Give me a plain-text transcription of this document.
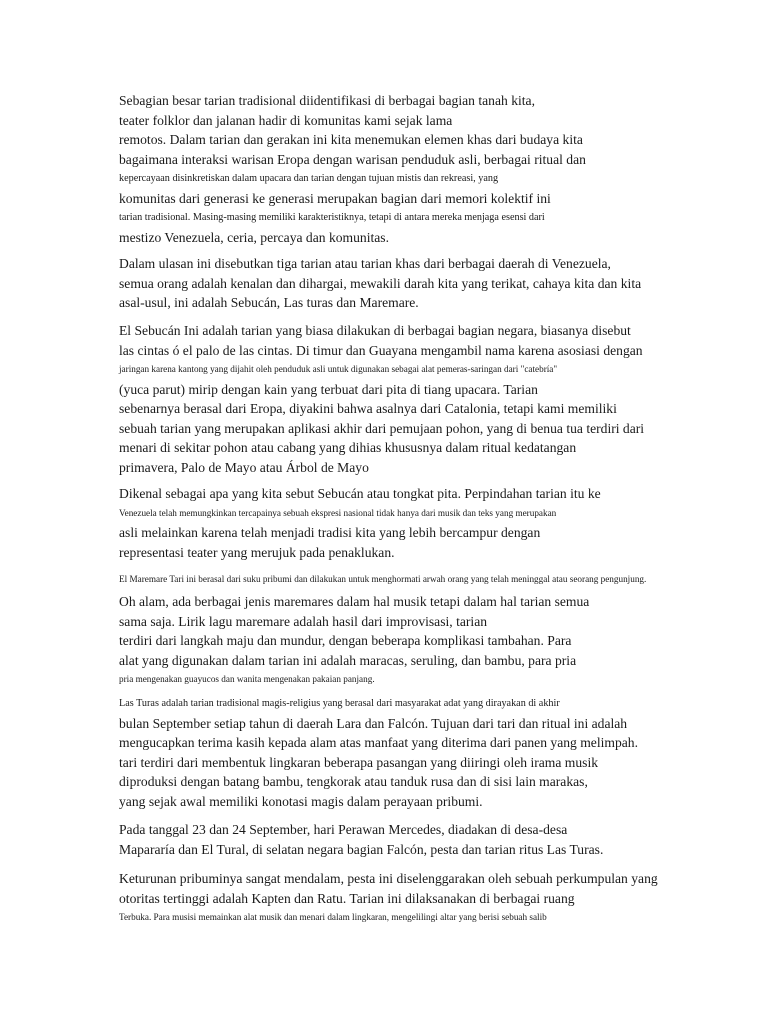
Sebagian besar tarian tradisional diidentifikasi di berbagai bagian tanah kita,
teater folklor dan jalanan hadir di komunitas kami sejak lama
remotos. Dalam tarian dan gerakan ini kita menemukan elemen khas dari budaya kita
bagaimana interaksi warisan Eropa dengan warisan penduduk asli, berbagai ritual dan
kepercayaan disinkretiskan dalam upacara dan tarian dengan tujuan mistis dan rekreasi, yang
komunitas dari generasi ke generasi merupakan bagian dari memori kolektif ini
tarian tradisional. Masing-masing memiliki karakteristiknya, tetapi di antara mereka menjaga esensi dari
mestizo Venezuela, ceria, percaya dan komunitas.
Dalam ulasan ini disebutkan tiga tarian atau tarian khas dari berbagai daerah di Venezuela,
semua orang adalah kenalan dan dihargai, mewakili darah kita yang terikat, cahaya kita dan kita
asal-usul, ini adalah Sebucán, Las turas dan Maremare.
El Sebucán Ini adalah tarian yang biasa dilakukan di berbagai bagian negara, biasanya disebut
las cintas ó el palo de las cintas. Di timur dan Guayana mengambil nama karena asosiasi dengan
jaringan karena kantong yang dijahit oleh penduduk asli untuk digunakan sebagai alat pemeras-saringan dari "catebría"
(yuca parut) mirip dengan kain yang terbuat dari pita di tiang upacara. Tarian
sebenarnya berasal dari Eropa, diyakini bahwa asalnya dari Catalonia, tetapi kami memiliki
sebuah tarian yang merupakan aplikasi akhir dari pemujaan pohon, yang di benua tua terdiri dari
menari di sekitar pohon atau cabang yang dihias khususnya dalam ritual kedatangan
primavera, Palo de Mayo atau Árbol de Mayo
Dikenal sebagai apa yang kita sebut Sebucán atau tongkat pita. Perpindahan tarian itu ke
Venezuela telah memungkinkan tercapainya sebuah ekspresi nasional tidak hanya dari musik dan teks yang merupakan
asli melainkan karena telah menjadi tradisi kita yang lebih bercampur dengan
representasi teater yang merujuk pada penaklukan.
El Maremare Tari ini berasal dari suku pribumi dan dilakukan untuk menghormati arwah orang yang telah meninggal atau seorang pengunjung.
Oh alam, ada berbagai jenis maremares dalam hal musik tetapi dalam hal tarian semua
sama saja. Lirik lagu maremare adalah hasil dari improvisasi, tarian
terdiri dari langkah maju dan mundur, dengan beberapa komplikasi tambahan. Para
alat yang digunakan dalam tarian ini adalah maracas, seruling, dan bambu, para pria
pria mengenakan guayucos dan wanita mengenakan pakaian panjang.
Las Turas adalah tarian tradisional magis-religius yang berasal dari masyarakat adat yang dirayakan di akhir
bulan September setiap tahun di daerah Lara dan Falcón. Tujuan dari tari dan ritual ini adalah
mengucapkan terima kasih kepada alam atas manfaat yang diterima dari panen yang melimpah.
tari terdiri dari membentuk lingkaran beberapa pasangan yang diiringi oleh irama musik
diproduksi dengan batang bambu, tengkorak atau tanduk rusa dan di sisi lain marakas,
yang sejak awal memiliki konotasi magis dalam perayaan pribumi.
Pada tanggal 23 dan 24 September, hari Perawan Mercedes, diadakan di desa-desa
Mapararía dan El Tural, di selatan negara bagian Falcón, pesta dan tarian ritus Las Turas.
Keturunan pribuminya sangat mendalam, pesta ini diselenggarakan oleh sebuah perkumpulan yang
otoritas tertinggi adalah Kapten dan Ratu. Tarian ini dilaksanakan di berbagai ruang
Terbuka. Para musisi memainkan alat musik dan menari dalam lingkaran, mengelilingi altar yang berisi sebuah salib
